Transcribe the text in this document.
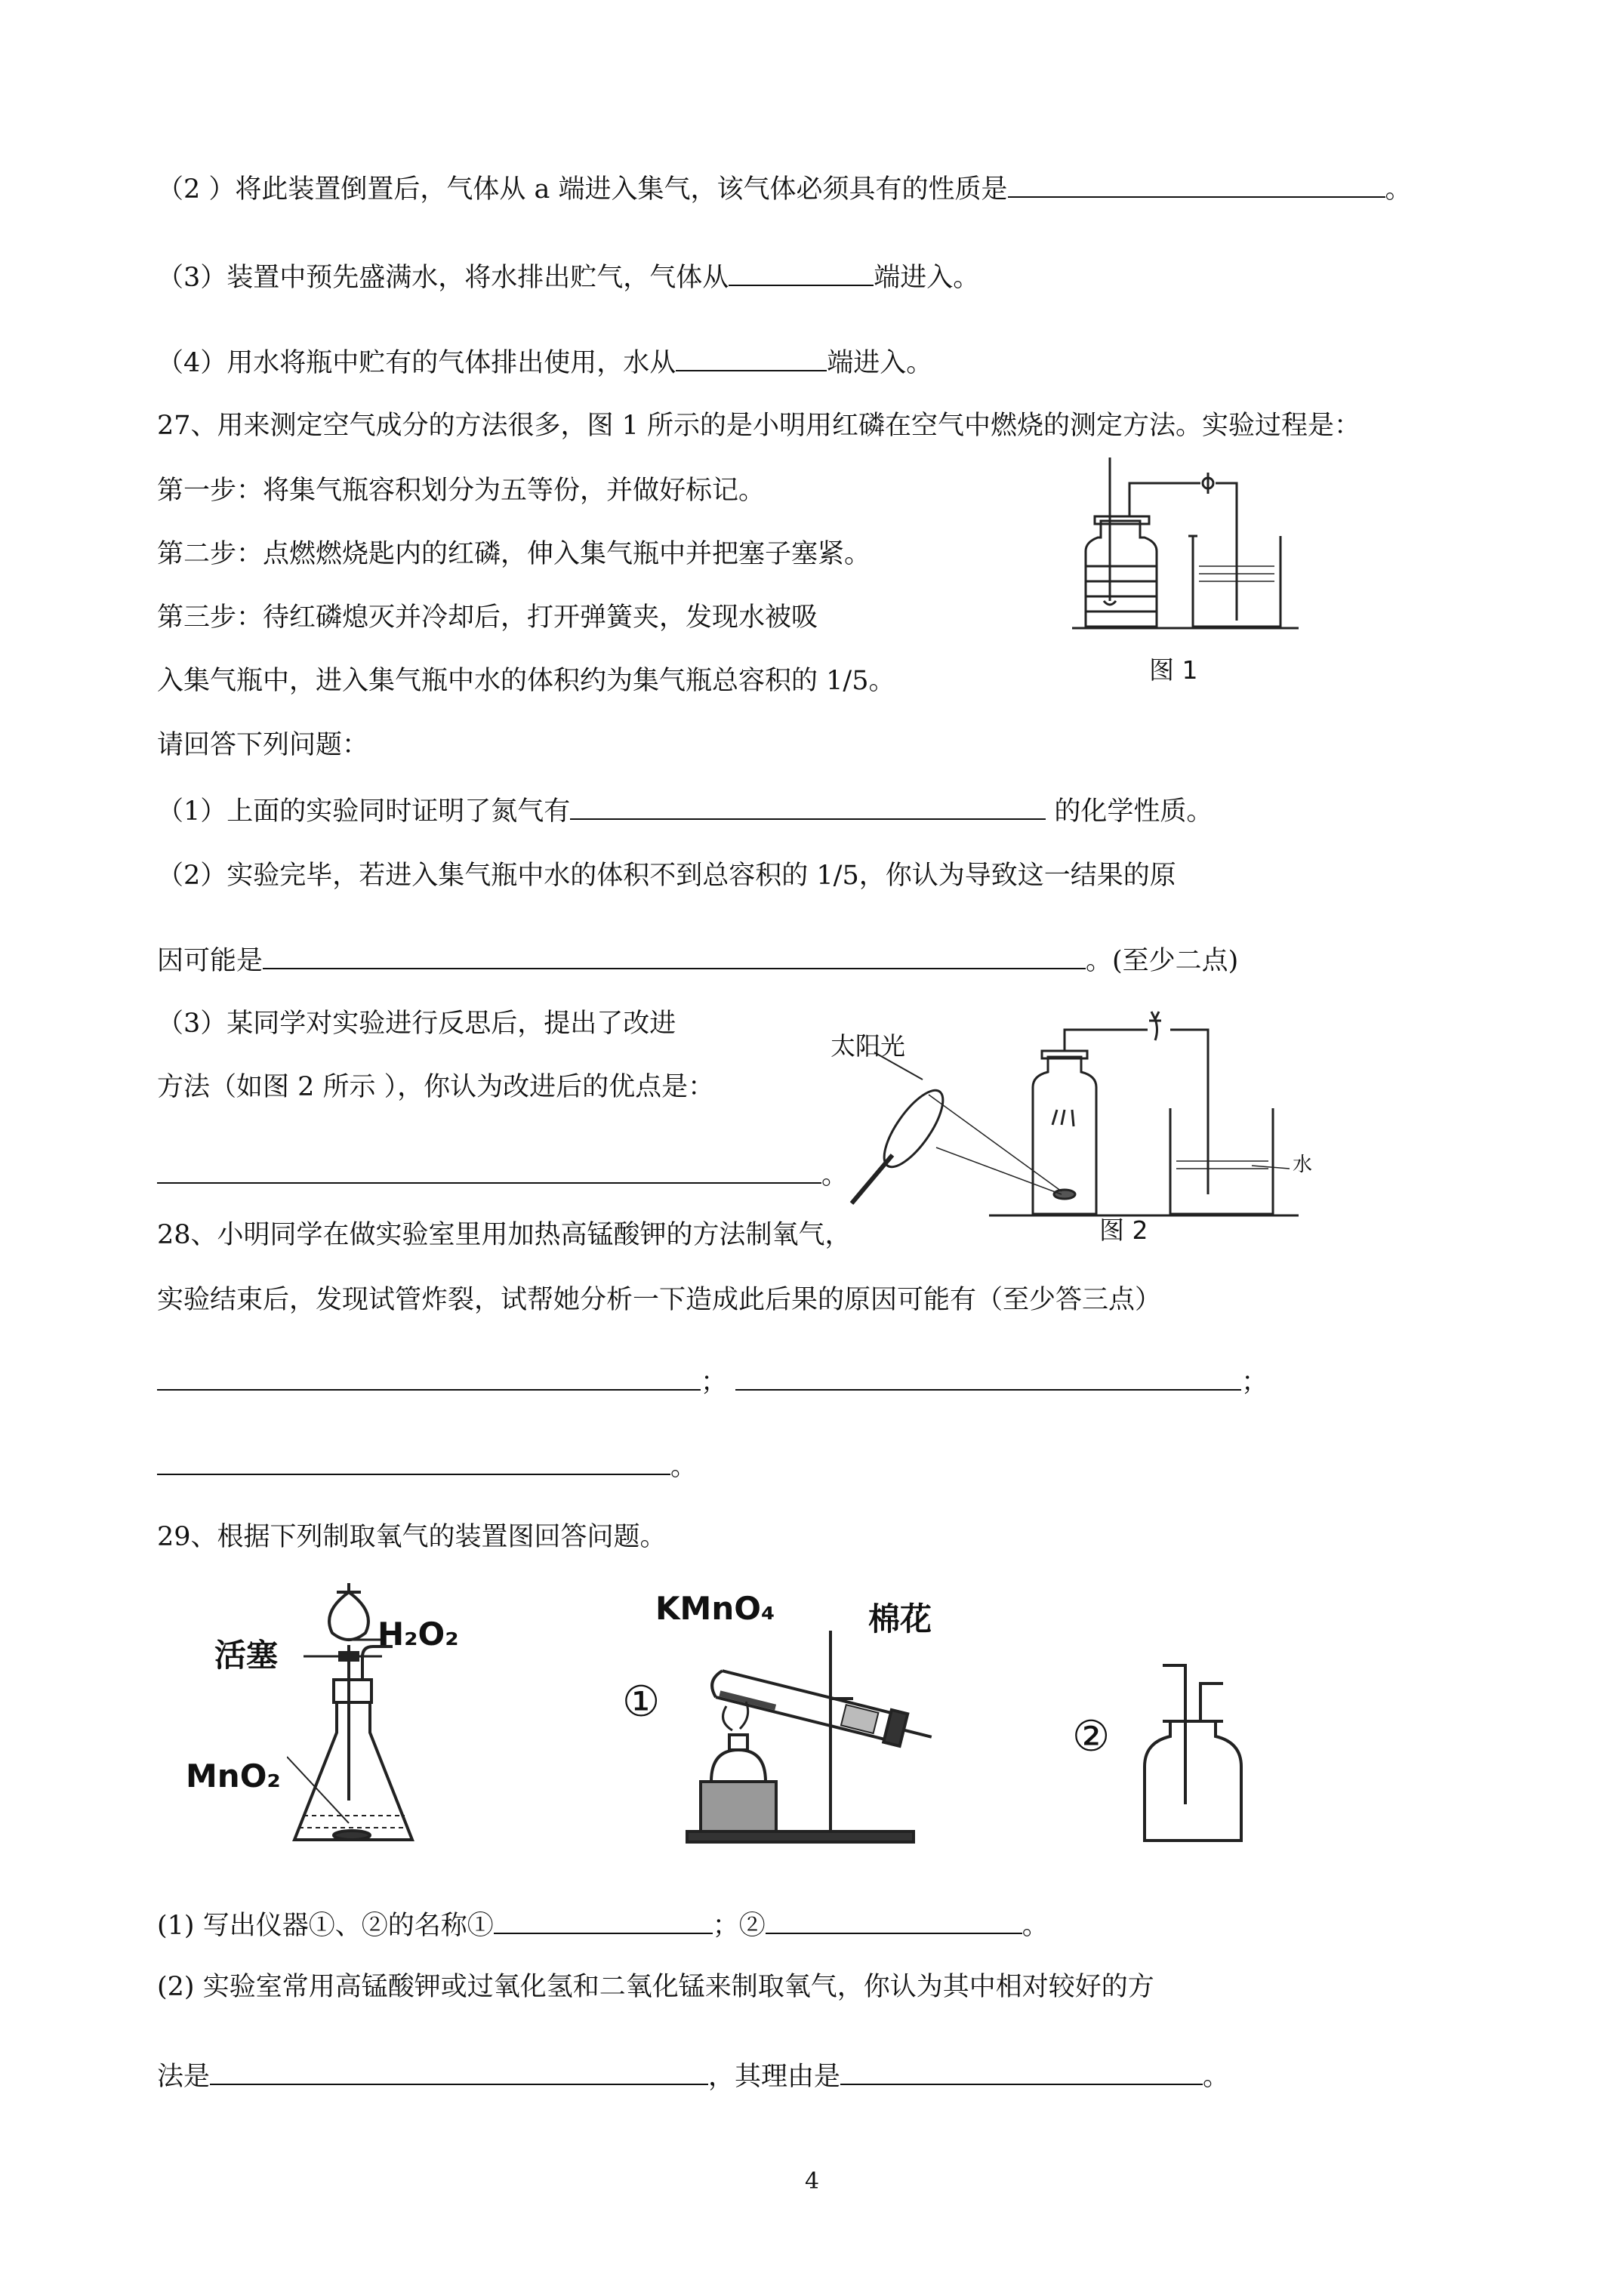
（2 ）将此装置倒置后，气体从 a 端进入集气，该气体必须具有的性质是	。
（3）装置中预先盛满水，将水排出贮气，气体从	端进入。
（4）用水将瓶中贮有的气体排出使用，水从	端进入。
27、用来测定空气成分的方法很多，图 1 所示的是小明用红磷在空气中燃烧的测定方法。实验过程是：
第一步：将集气瓶容积划分为五等份，并做好标记。
第二步：点燃燃烧匙内的红磷，伸入集气瓶中并把塞子塞紧。
第三步：待红磷熄灭并冷却后，打开弹簧夹，发现水被吸
入集气瓶中，进入集气瓶中水的体积约为集气瓶总容积的 1/5。
请回答下列问题：
（1）上面的实验同时证明了氮气有	的化学性质。
（2）实验完毕，若进入集气瓶中水的体积不到总容积的 1/5，你认为导致这一结果的原
因可能是	。(至少二点)
（3）某同学对实验进行反思后，提出了改进
方法（如图 2 所示 ），你认为改进后的优点是：
。
图 1
太阳光
水
图 2
28、小明同学在做实验室里用加热高锰酸钾的方法制氧气，
实验结束后，发现试管炸裂，试帮她分析一下造成此后果的原因可能有（至少答三点）
；	；
。
29、根据下列制取氧气的装置图回答问题。
活塞
H₂O₂
MnO₂
KMnO₄	棉花
①
②
(1) 写出仪器①、②的名称①	；②	。
(2) 实验室常用高锰酸钾或过氧化氢和二氧化锰来制取氧气，你认为其中相对较好的方
法是	，其理由是	。
4
